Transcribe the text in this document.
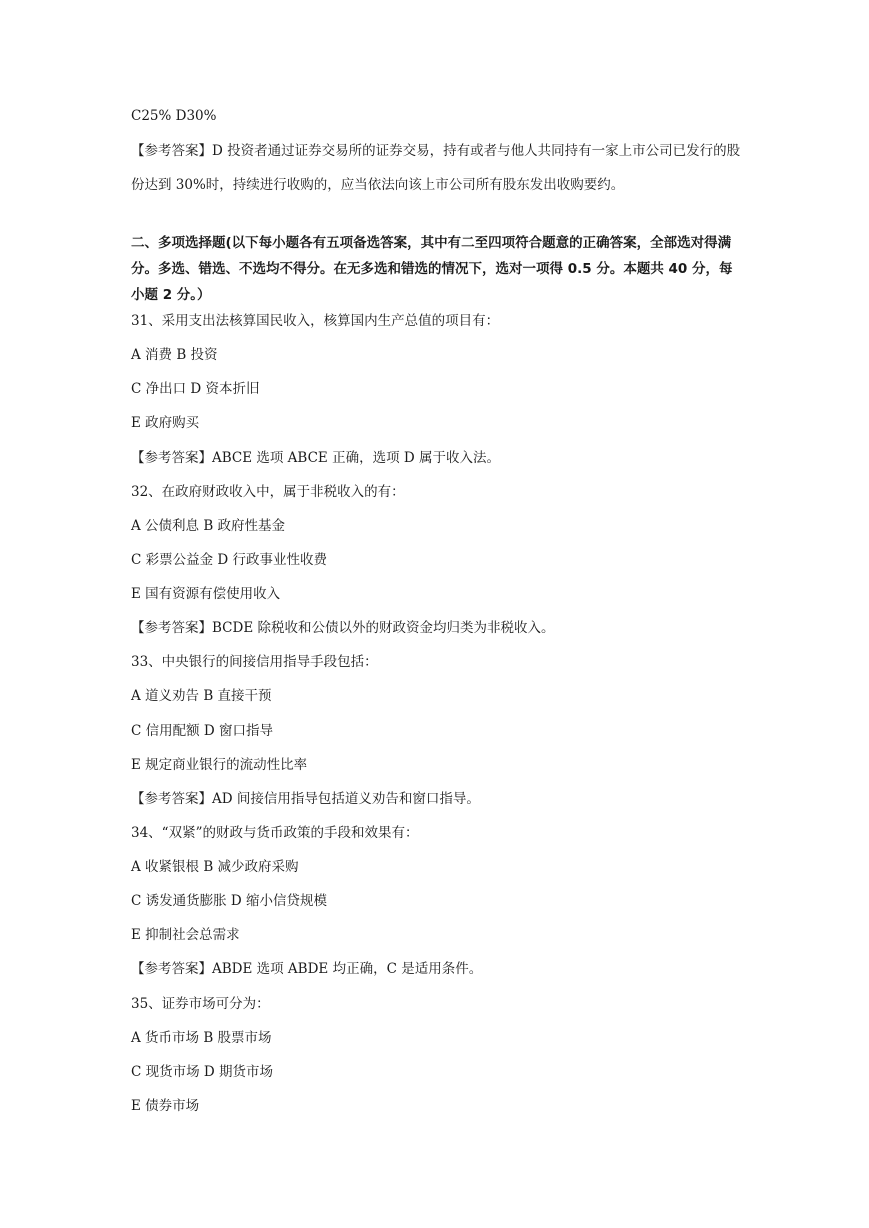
C25% D30%
【参考答案】D 投资者通过证券交易所的证券交易，持有或者与他人共同持有一家上市公司已发行的股份达到 30%时，持续进行收购的，应当依法向该上市公司所有股东发出收购要约。
二、多项选择题(以下每小题各有五项备选答案，其中有二至四项符合题意的正确答案，全部选对得满分。多选、错选、不选均不得分。在无多选和错选的情况下，选对一项得 0.5 分。本题共 40 分，每小题 2 分。）
31、采用支出法核算国民收入，核算国内生产总值的项目有：
A 消费 B 投资
C 净出口 D 资本折旧
E 政府购买
【参考答案】ABCE 选项 ABCE 正确，选项 D 属于收入法。
32、在政府财政收入中，属于非税收入的有：
A 公债利息 B 政府性基金
C 彩票公益金 D 行政事业性收费
E 国有资源有偿使用收入
【参考答案】BCDE 除税收和公债以外的财政资金均归类为非税收入。
33、中央银行的间接信用指导手段包括：
A 道义劝告 B 直接干预
C 信用配额 D 窗口指导
E 规定商业银行的流动性比率
【参考答案】AD 间接信用指导包括道义劝告和窗口指导。
34、“双紧”的财政与货币政策的手段和效果有：
A 收紧银根 B 减少政府采购
C 诱发通货膨胀 D 缩小信贷规模
E 抑制社会总需求
【参考答案】ABDE 选项 ABDE 均正确，C 是适用条件。
35、证券市场可分为：
A 货币市场 B 股票市场
C 现货市场 D 期货市场
E 债券市场
